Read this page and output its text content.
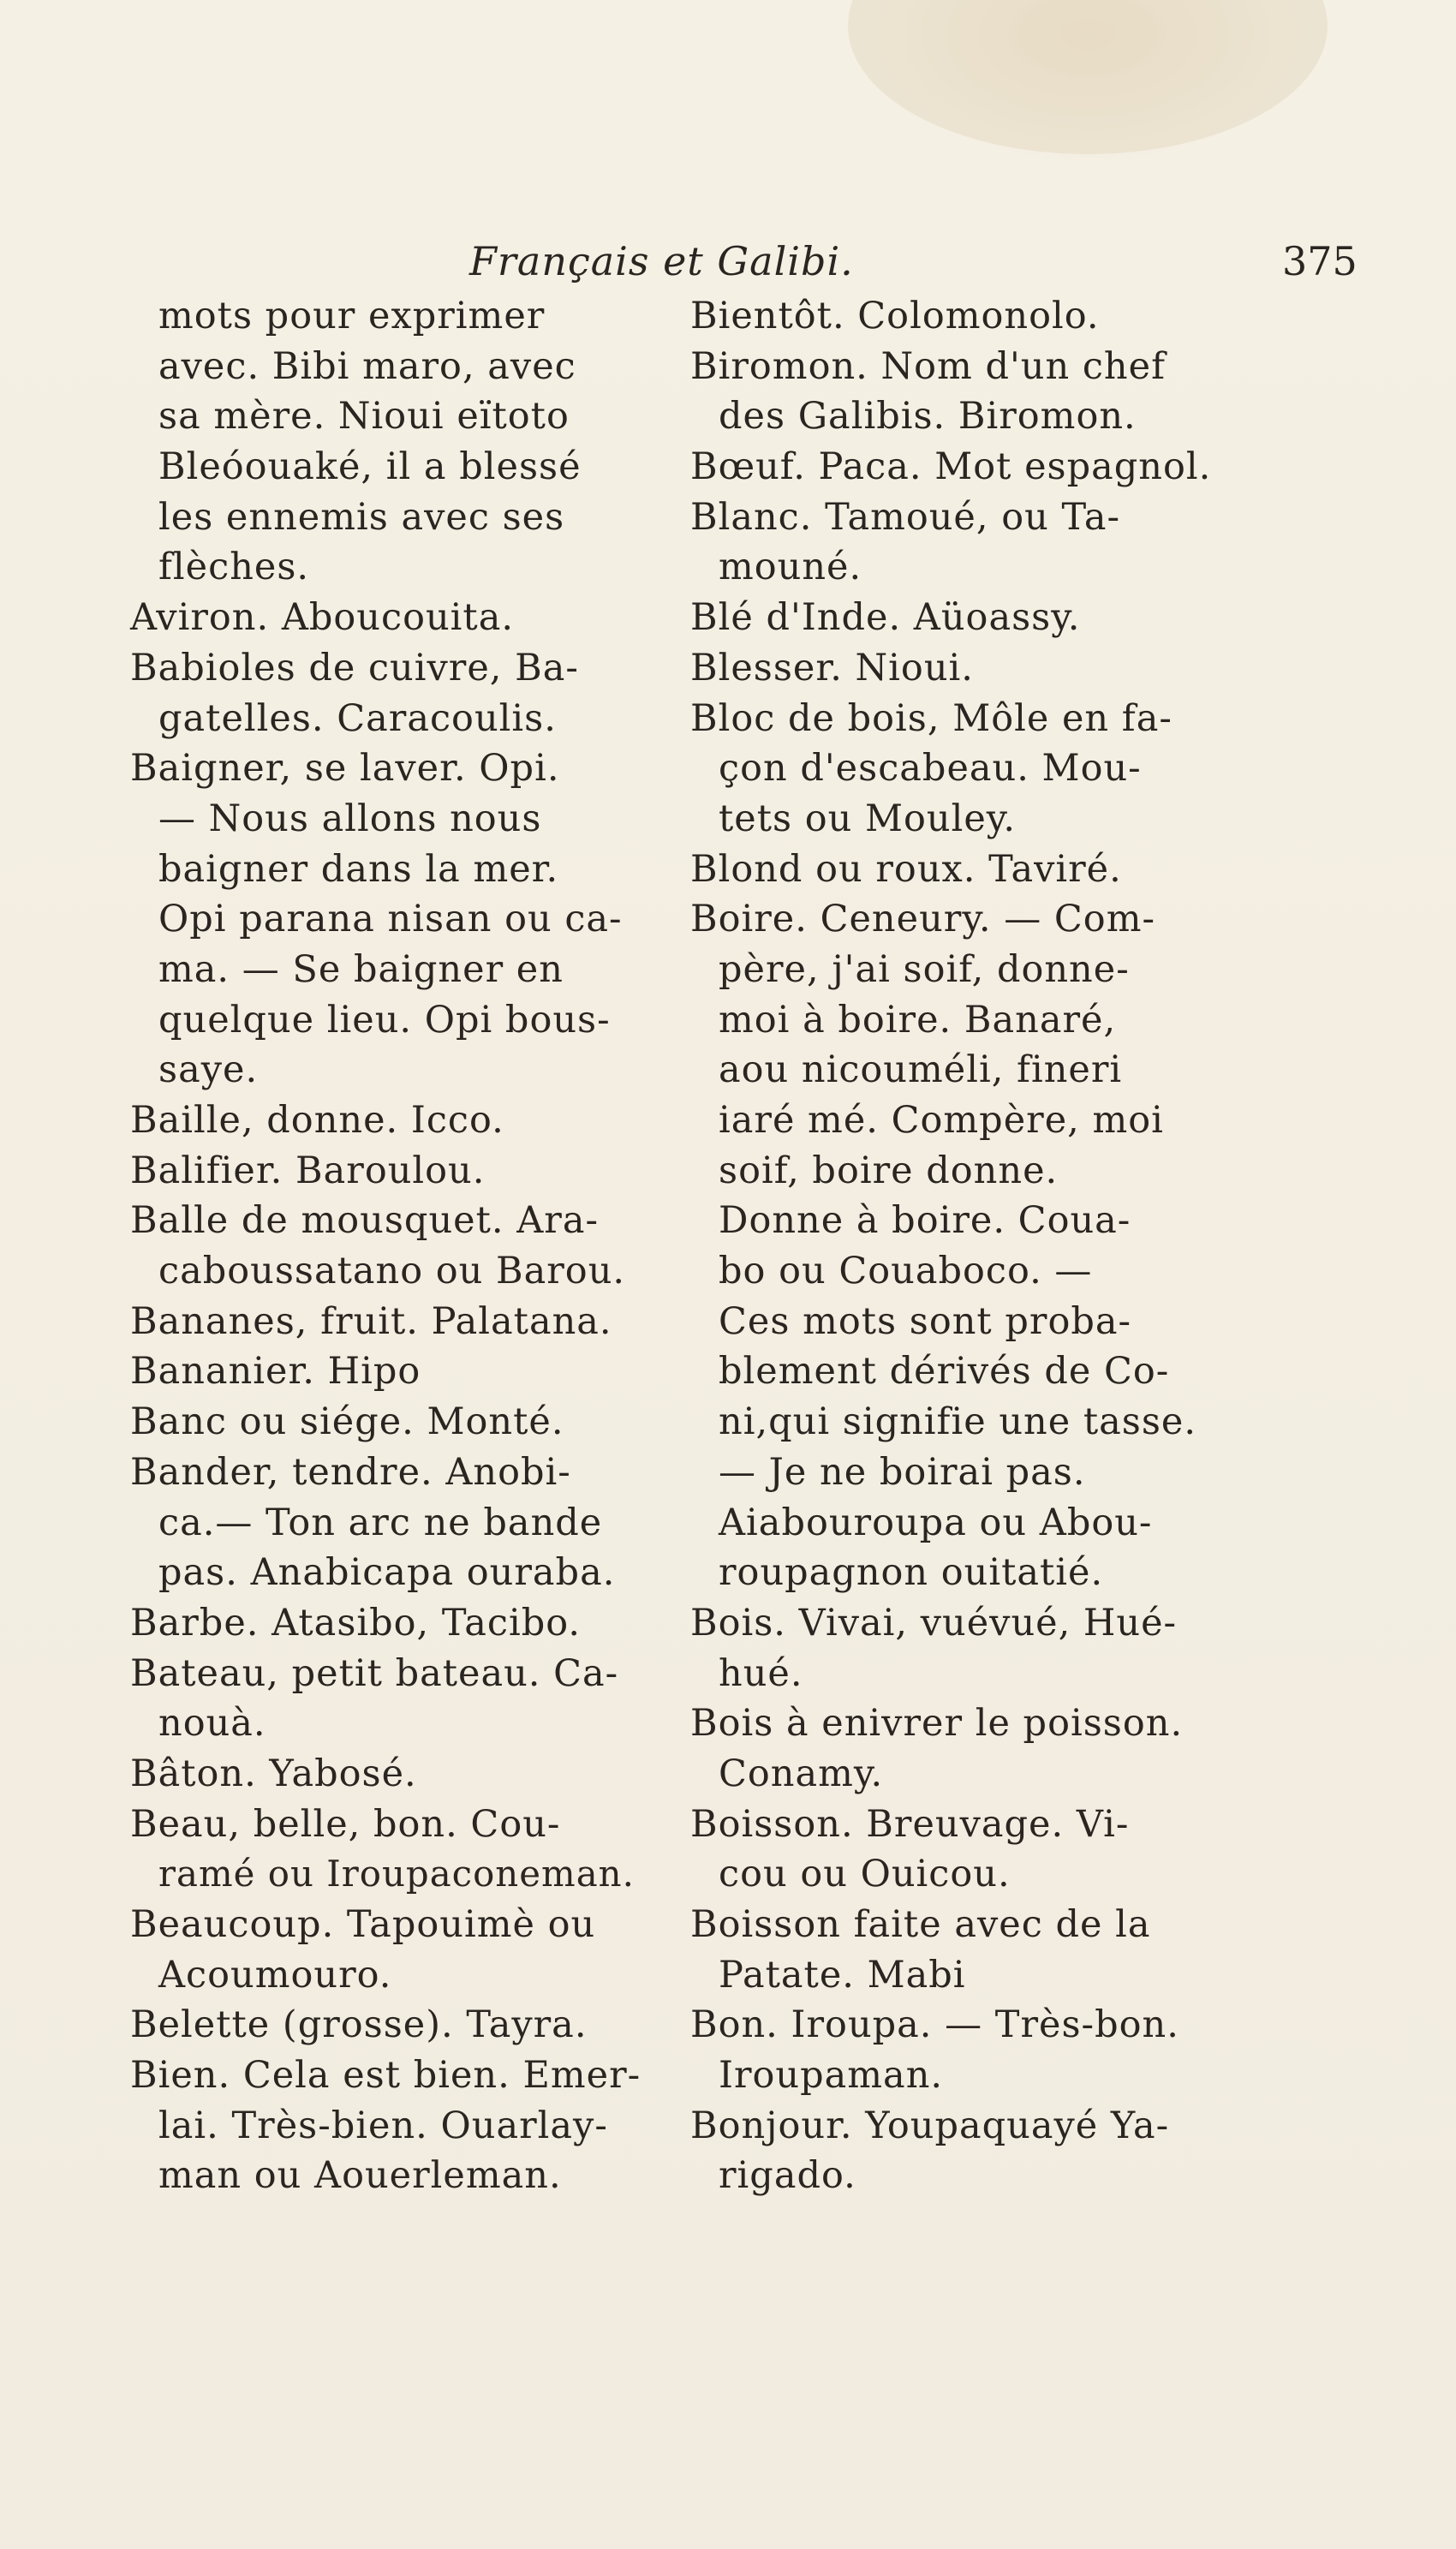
Français et Galibi.	375
mots pour exprimer
avec. Bibi maro, avec
sa mère. Nioui eïtoto
Bleóouaké, il a blessé
les ennemis avec ses
flèches.
Aviron. Aboucouita.
Babioles de cuivre, Ba-
gatelles. Caracoulis.
Baigner, se laver. Opi.
— Nous allons nous
baigner dans la mer.
Opi parana nisan ou ca-
ma. — Se baigner en
quelque lieu. Opi bous-
saye.
Baille, donne. Icco.
Balifier. Baroulou.
Balle de mousquet. Ara-
caboussatano ou Barou.
Bananes, fruit. Palatana.
Bananier. Hipo
Banc ou siége. Monté.
Bander, tendre. Anobi-
ca.— Ton arc ne bande
pas. Anabicapa ouraba.
Barbe. Atasibo, Tacibo.
Bateau, petit bateau. Ca-
nouà.
Bâton. Yabosé.
Beau, belle, bon. Cou-
ramé ou Iroupaconeman.
Beaucoup. Tapouimè ou
Acoumouro.
Belette (grosse). Tayra.
Bien. Cela est bien. Emer-
lai. Très-bien. Ouarlay-
man ou Aouerleman.
Bientôt. Colomonolo.
Biromon. Nom d'un chef
des Galibis. Biromon.
Bœuf. Paca. Mot espagnol.
Blanc. Tamoué, ou Ta-
mouné.
Blé d'Inde. Aüoassy.
Blesser. Nioui.
Bloc de bois, Môle en fa-
çon d'escabeau. Mou-
tets ou Mouley.
Blond ou roux. Taviré.
Boire. Ceneury. — Com-
père, j'ai soif, donne-
moi à boire. Banaré,
aou nicouméli, fineri
iaré mé. Compère, moi
soif, boire donne.
Donne à boire. Coua-
bo ou Couaboco. —
Ces mots sont proba-
blement dérivés de Co-
ni,qui signifie une tasse.
— Je ne boirai pas.
Aiabouroupa ou Abou-
roupagnon ouitatié.
Bois. Vivai, vuévué, Hué-
hué.
Bois à enivrer le poisson.
Conamy.
Boisson. Breuvage. Vi-
cou ou Ouicou.
Boisson faite avec de la
Patate. Mabi
Bon. Iroupa. — Très-bon.
Iroupaman.
Bonjour. Youpaquayé Ya-
rigado.
